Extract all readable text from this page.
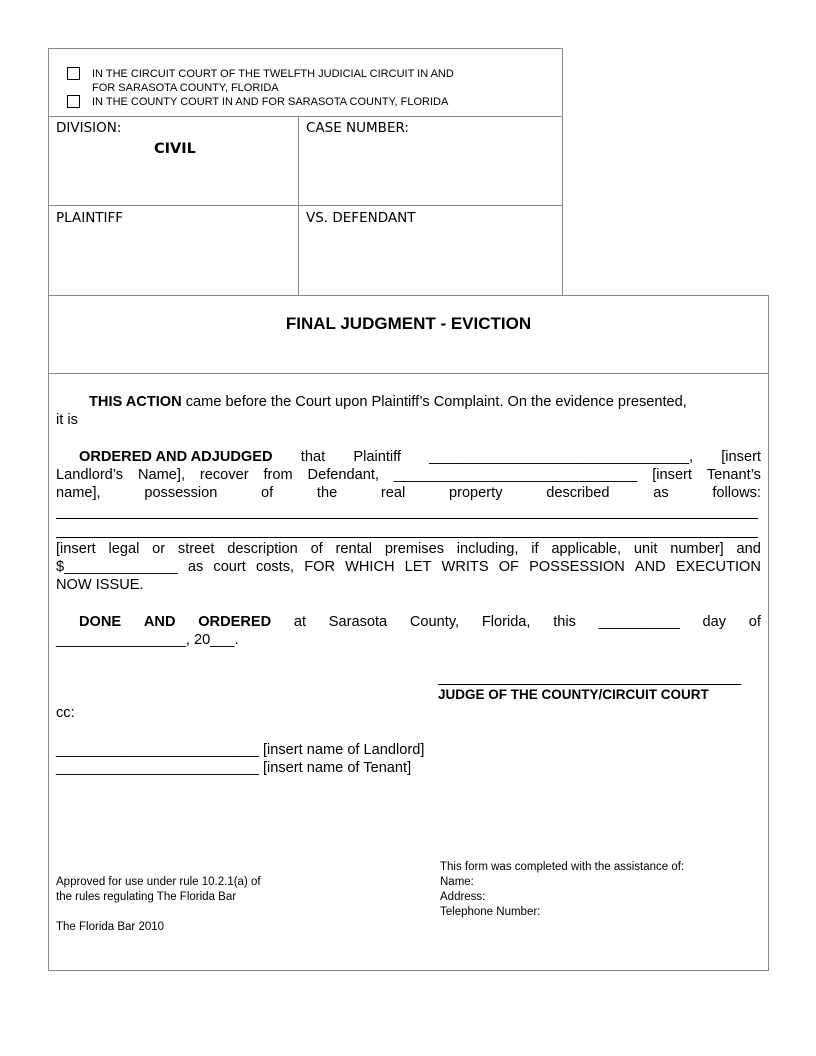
IN THE CIRCUIT COURT OF THE TWELFTH JUDICIAL CIRCUIT IN AND
FOR SARASOTA COUNTY, FLORIDA
IN THE COUNTY COURT IN AND FOR SARASOTA COUNTY, FLORIDA
DIVISION:
CIVIL
CASE NUMBER:
PLAINTIFF	VS. DEFENDANT
FINAL JUDGMENT - EVICTION
THIS ACTION came before the Court upon Plaintiff’s Complaint. On the evidence presented,
it is
ORDERED AND ADJUDGED that Plaintiff ________________________________, [insert
Landlord’s Name], recover from Defendant, ______________________________ [insert Tenant’s
name],	possession	of	the	real	property	described	as	follows:
[insert legal or street description of rental premises including, if applicable, unit number] and
$______________ as court costs, FOR WHICH LET WRITS OF POSSESSION AND EXECUTION
NOW ISSUE.
DONE AND ORDERED at Sarasota County, Florida, this __________ day of
________________, 20___.
JUDGE OF THE COUNTY/CIRCUIT COURT
cc:
_________________________ [insert name of Landlord]
_________________________ [insert name of Tenant]
Approved for use under rule 10.2.1(a) of
the rules regulating The Florida Bar
The Florida Bar 2010
This form was completed with the assistance of:
Name:
Address:
Telephone Number:
